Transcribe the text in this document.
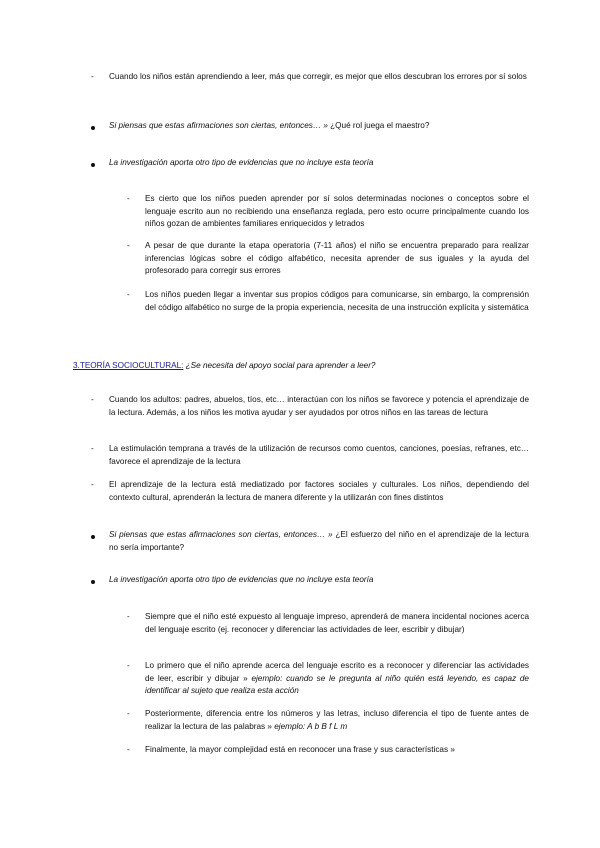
- Cuando los niños están aprendiendo a leer, más que corregir, es mejor que ellos descubran los errores por sí solos
Si piensas que estas afirmaciones son ciertas, entonces… » ¿Qué rol juega el maestro?
La investigación aporta otro tipo de evidencias que no incluye esta teoría
- Es cierto que los niños pueden aprender por sí solos determinadas nociones o conceptos sobre el lenguaje escrito aun no recibiendo una enseñanza reglada, pero esto ocurre principalmente cuando los niños gozan de ambientes familiares enriquecidos y letrados
- A pesar de que durante la etapa operatoria (7-11 años) el niño se encuentra preparado para realizar inferencias lógicas sobre el código alfabético, necesita aprender de sus iguales y la ayuda del profesorado para corregir sus errores
- Los niños pueden llegar a inventar sus propios códigos para comunicarse, sin embargo, la comprensión del código alfabético no surge de la propia experiencia, necesita de una instrucción explícita y sistemática
3.TEORÍA SOCIOCULTURAL: ¿Se necesita del apoyo social para aprender a leer?
- Cuando los adultos: padres, abuelos, tíos, etc… interactúan con los niños se favorece y potencia el aprendizaje de la lectura. Además, a los niños les motiva ayudar y ser ayudados por otros niños en las tareas de lectura
- La estimulación temprana a través de la utilización de recursos como cuentos, canciones, poesías, refranes, etc… favorece el aprendizaje de la lectura
- El aprendizaje de la lectura está mediatizado por factores sociales y culturales. Los niños, dependiendo del contexto cultural, aprenderán la lectura de manera diferente y la utilizarán con fines distintos
Si piensas que estas afirmaciones son ciertas, entonces… » ¿El esfuerzo del niño en el aprendizaje de la lectura no sería importante?
La investigación aporta otro tipo de evidencias que no incluye esta teoría
- Siempre que el niño esté expuesto al lenguaje impreso, aprenderá de manera incidental nociones acerca del lenguaje escrito (ej. reconocer y diferenciar las actividades de leer, escribir y dibujar)
- Lo primero que el niño aprende acerca del lenguaje escrito es a reconocer y diferenciar las actividades de leer, escribir y dibujar » ejemplo: cuando se le pregunta al niño quién está leyendo, es capaz de identificar al sujeto que realiza esta acción
- Posteriormente, diferencia entre los números y las letras, incluso diferencia el tipo de fuente antes de realizar la lectura de las palabras » ejemplo: A b B f L m
- Finalmente, la mayor complejidad está en reconocer una frase y sus características »
